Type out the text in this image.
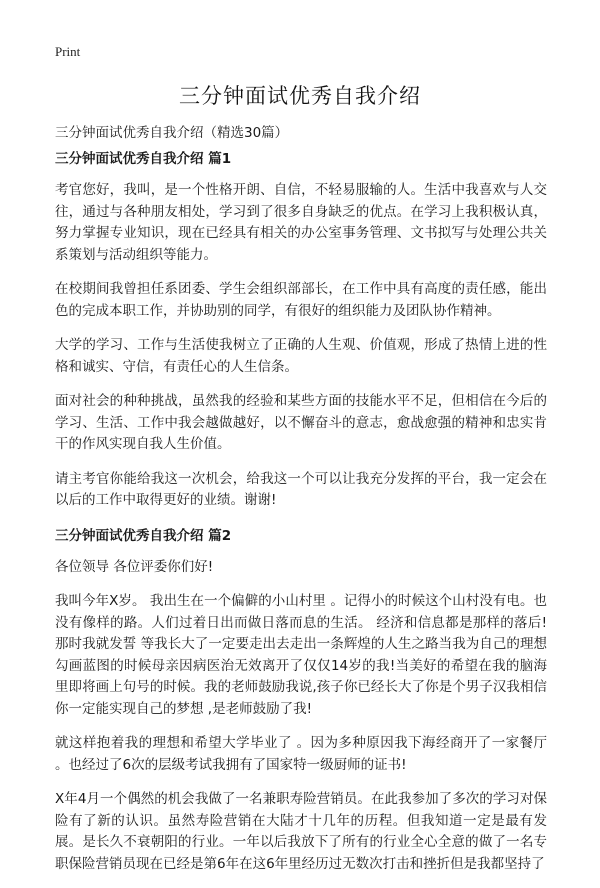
Print
三分钟面试优秀自我介绍
三分钟面试优秀自我介绍（精选30篇）
三分钟面试优秀自我介绍 篇1

考官您好，我叫，是一个性格开朗、自信，不轻易服输的人。生活中我喜欢与人交往，通过与各种朋友相处，学习到了很多自身缺乏的优点。在学习上我积极认真，努力掌握专业知识，现在已经具有相关的办公室事务管理、文书拟写与处理公共关系策划与活动组织等能力。

在校期间我曾担任系团委、学生会组织部部长，在工作中具有高度的责任感，能出色的完成本职工作，并协助别的同学，有很好的组织能力及团队协作精神。

大学的学习、工作与生活使我树立了正确的人生观、价值观，形成了热情上进的性格和诚实、守信，有责任心的人生信条。

面对社会的种种挑战，虽然我的经验和某些方面的技能水平不足，但相信在今后的学习、生活、工作中我会越做越好，以不懈奋斗的意志，愈战愈强的精神和忠实肯干的作风实现自我人生价值。

请主考官你能给我这一次机会，给我这一个可以让我充分发挥的平台，我一定会在以后的工作中取得更好的业绩。谢谢!

三分钟面试优秀自我介绍 篇2

各位领导 各位评委你们好!

我叫今年X岁。 我出生在一个偏僻的小山村里 。记得小的时候这个山村没有电。也没有像样的路。人们过着日出而做日落而息的生活。 经济和信息都是那样的落后!那时我就发誓 等我长大了一定要走出去走出一条辉煌的人生之路当我为自己的理想勾画蓝图的时候母亲因病医治无效离开了仅仅14岁的我!当美好的希望在我的脑海里即将画上句号的时候。我的老师鼓励我说,孩子你已经长大了你是个男子汉我相信你一定能实现自己的梦想 ,是老师鼓励了我!

就这样抱着我的理想和希望大学毕业了 。因为多种原因我下海经商开了一家餐厅 。也经过了6次的层级考试我拥有了国家特一级厨师的证书!

X年4月一个偶然的机会我做了一名兼职寿险营销员。在此我参加了多次的学习对保险有了新的认识。虽然寿险营销在大陆才十几年的历程。但我知道一定是最有发展。是长久不衰朝阳的行业。一年以后我放下了所有的行业全心全意的做了一名专职保险营销员现在已经是第6年在这6年里经历过无数次打击和挫折但是我都坚持了
